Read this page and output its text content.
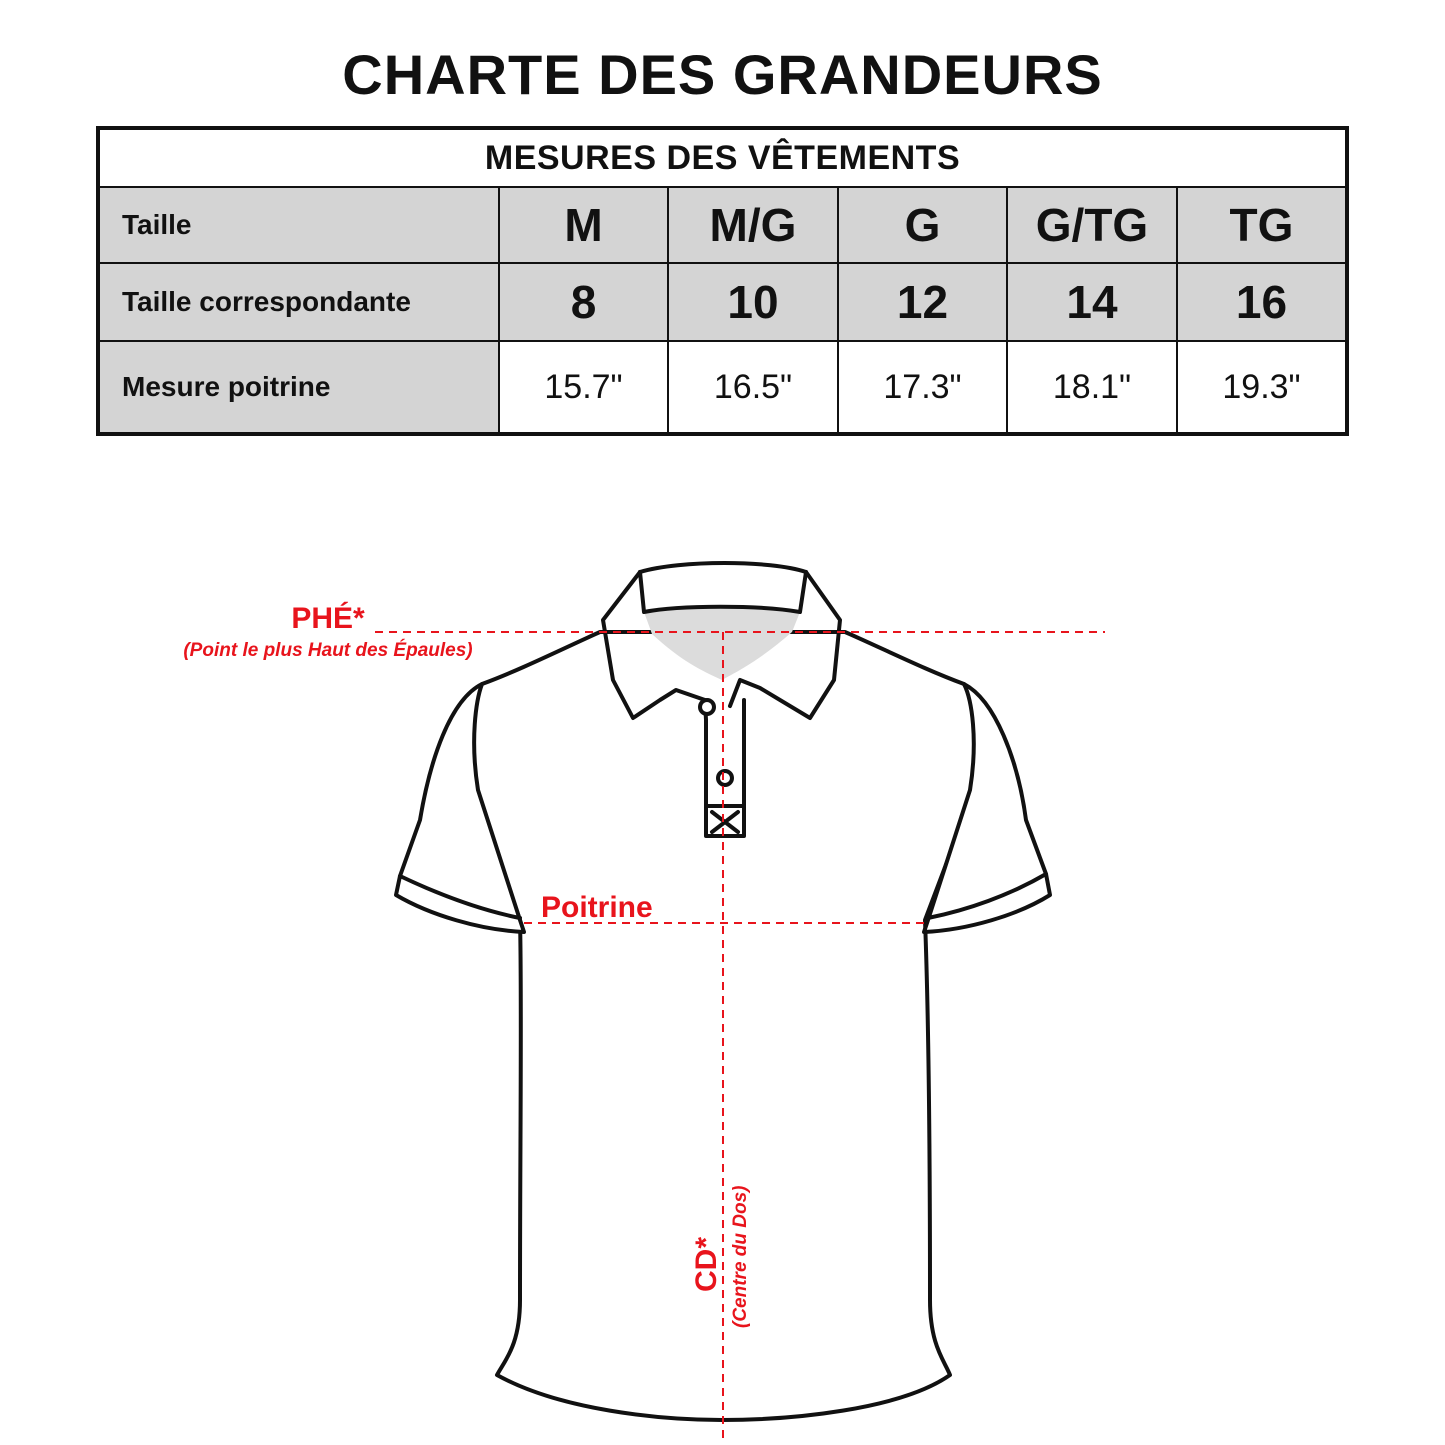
CHARTE DES GRANDEURS
MESURES DES VÊTEMENTS					
Taille	M	M/G	G	G/TG	TG
Taille correspondante	8	10	12	14	16
Mesure poitrine	15.7"	16.5"	17.3"	18.1"	19.3"
PHÉ*
(Point le plus Haut des Épaules)
Poitrine
CD* (Centre du Dos)
